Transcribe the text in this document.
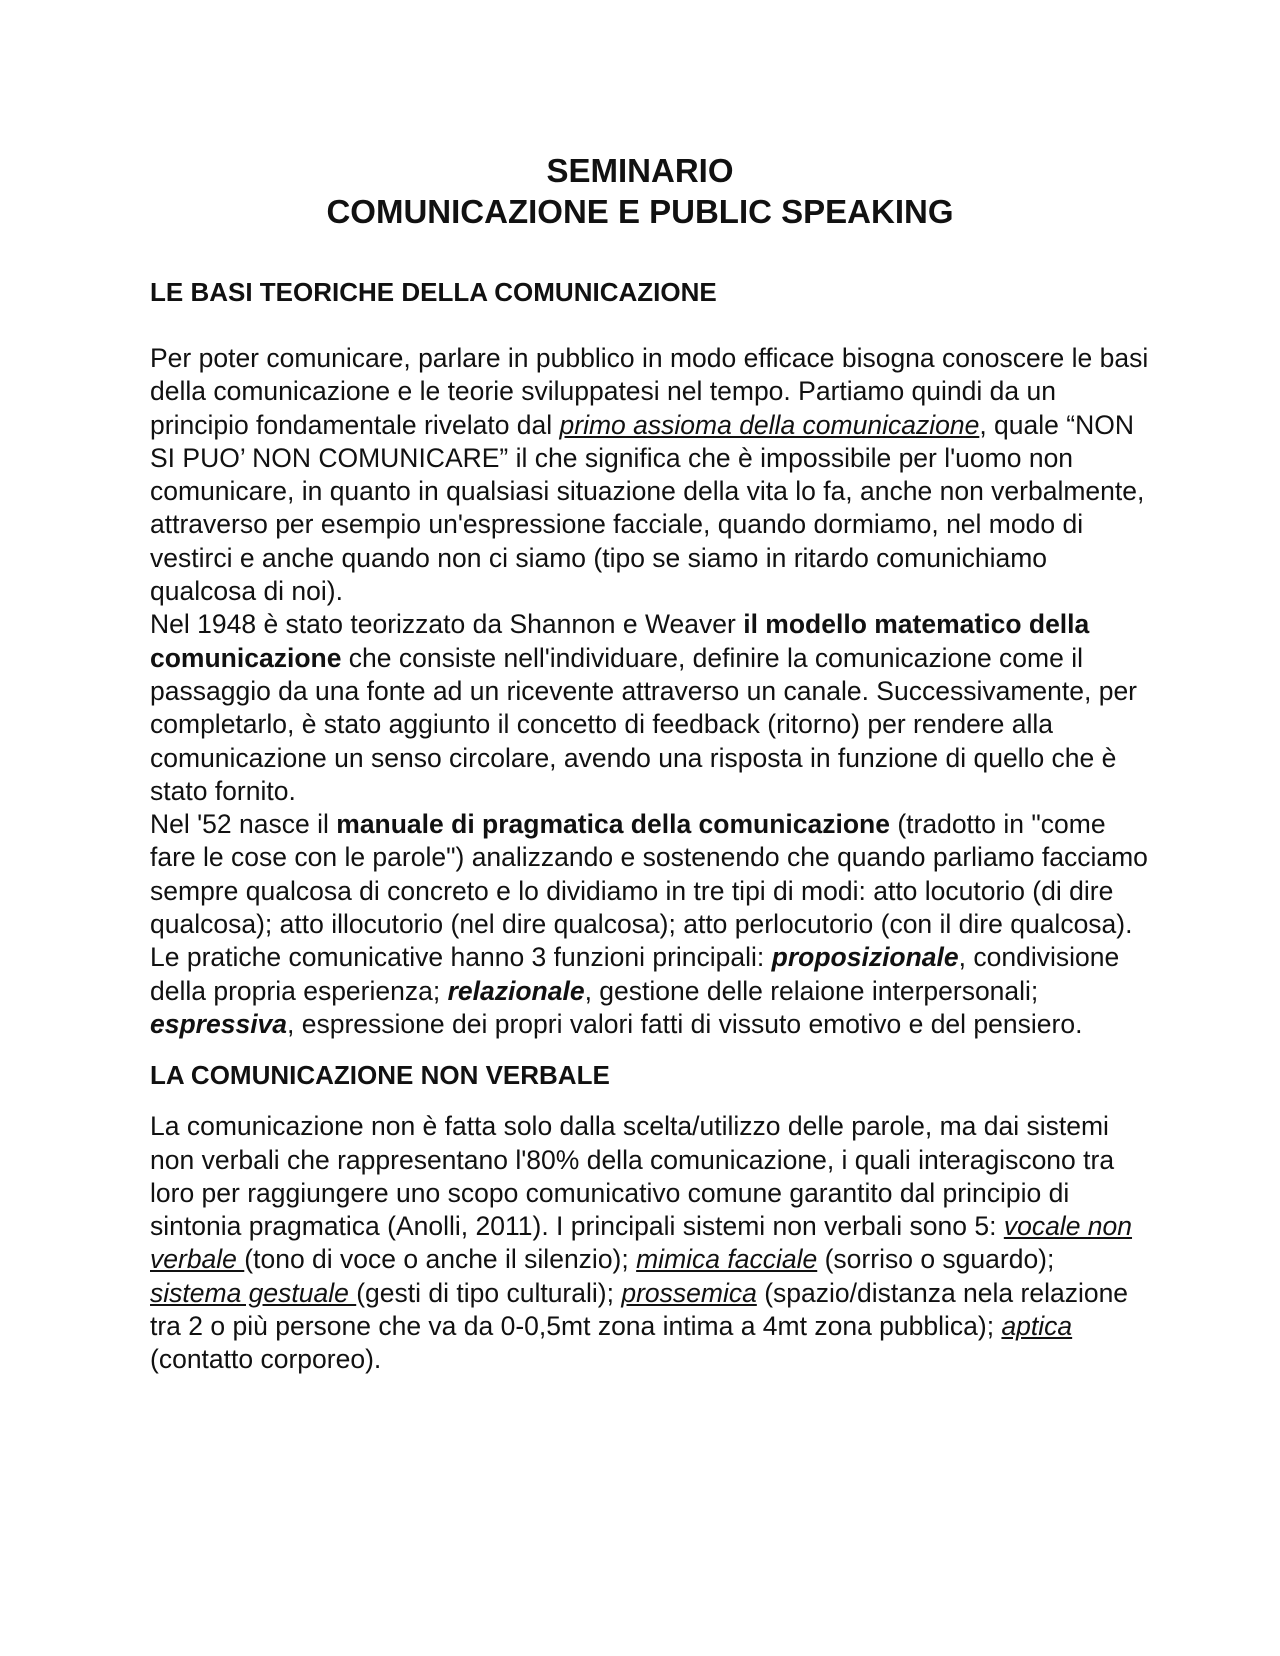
SEMINARIO
COMUNICAZIONE E PUBLIC SPEAKING

LE BASI TEORICHE DELLA COMUNICAZIONE

Per poter comunicare, parlare in pubblico in modo efficace bisogna conoscere le basi della comunicazione e le teorie sviluppatesi nel tempo. Partiamo quindi da un principio fondamentale rivelato dal primo assioma della comunicazione, quale “NON SI PUO’ NON COMUNICARE” il che significa che è impossibile per l'uomo non comunicare, in quanto in qualsiasi situazione della vita lo fa, anche non verbalmente, attraverso per esempio un'espressione facciale, quando dormiamo, nel modo di vestirci e anche quando non ci siamo (tipo se siamo in ritardo comunichiamo qualcosa di noi).

Nel 1948 è stato teorizzato da Shannon e Weaver il modello matematico della comunicazione che consiste nell'individuare, definire la comunicazione come il passaggio da una fonte ad un ricevente attraverso un canale. Successivamente, per completarlo, è stato aggiunto il concetto di feedback (ritorno) per rendere alla comunicazione un senso circolare, avendo una risposta in funzione di quello che è stato fornito.

Nel '52 nasce il manuale di pragmatica della comunicazione (tradotto in "come fare le cose con le parole") analizzando e sostenendo che quando parliamo facciamo sempre qualcosa di concreto e lo dividiamo in tre tipi di modi: atto locutorio (di dire qualcosa); atto illocutorio (nel dire qualcosa); atto perlocutorio (con il dire qualcosa). Le pratiche comunicative hanno 3 funzioni principali: proposizionale, condivisione della propria esperienza; relazionale, gestione delle relaione interpersonali; espressiva, espressione dei propri valori fatti di vissuto emotivo e del pensiero.

LA COMUNICAZIONE NON VERBALE

La comunicazione non è fatta solo dalla scelta/utilizzo delle parole, ma dai sistemi non verbali che rappresentano l'80% della comunicazione, i quali interagiscono tra loro per raggiungere uno scopo comunicativo comune garantito dal principio di sintonia pragmatica (Anolli, 2011). I principali sistemi non verbali sono 5: vocale non verbale (tono di voce o anche il silenzio); mimica facciale (sorriso o sguardo); sistema gestuale (gesti di tipo culturali); prossemica (spazio/distanza nela relazione tra 2 o più persone che va da 0-0,5mt zona intima a 4mt zona pubblica); aptica (contatto corporeo).
